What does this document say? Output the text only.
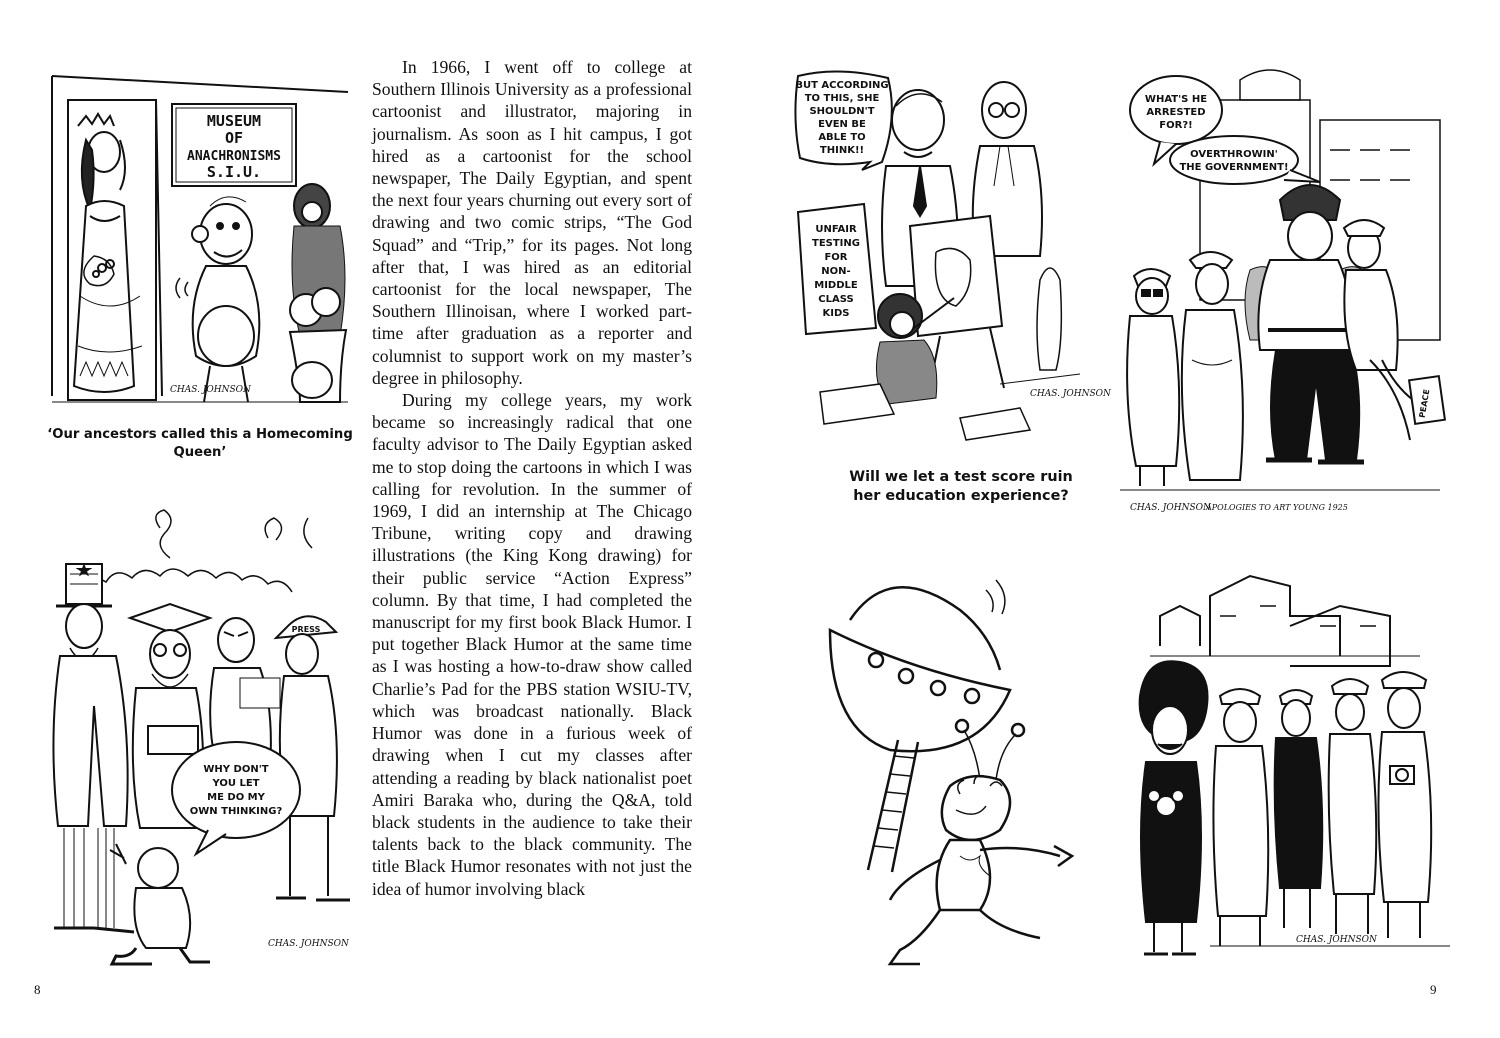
MUSEUM
OF
ANACHRONISMS
S.I.U.
CHAS. JOHNSON
‘Our ancestors called this a Homecoming Queen’
WHY DON'T
YOU LET
ME DO MY
OWN THINKING?
PRESS
CHAS. JOHNSON

In 1966, I went off to college at Southern Illinois University as a professional cartoonist and illustrator, majoring in journalism. As soon as I hit campus, I got hired as a cartoonist for the school newspaper, The Daily Egyptian, and spent the next four years churning out every sort of drawing and two comic strips, “The God Squad” and “Trip,” for its pages. Not long after that, I was hired as an editorial cartoonist for the local newspaper, The Southern Illinoisan, where I worked part-time after graduation as a reporter and columnist to support work on my master’s degree in philosophy.

During my college years, my work became so increasingly radical that one faculty advisor to The Daily Egyptian asked me to stop doing the cartoons in which I was calling for revolution. In the summer of 1969, I did an internship at The Chicago Tribune, writing copy and drawing illustrations (the King Kong drawing) for their public service “Action Express” column. By that time, I had completed the manuscript for my first book Black Humor. I put together Black Humor at the same time as I was hosting a how-to-draw show called Charlie’s Pad for the PBS station WSIU-TV, which was broadcast nationally. Black Humor was done in a furious week of drawing when I cut my classes after attending a reading by black nationalist poet Amiri Baraka who, during the Q&A, told black students in the audience to take their talents back to the black community. The title Black Humor resonates with not just the idea of humor involving black

8
BUT ACCORDING
TO THIS, SHE
SHOULDN'T
EVEN BE
ABLE TO
THINK!!
UNFAIR
TESTING
FOR
NON-
MIDDLE
CLASS
KIDS
CHAS. JOHNSON
Will we let a test score ruin
her education experience?
WHAT'S HE
ARRESTED
FOR?!
OVERTHROWIN'
THE GOVERNMENT!
PEACE
CHAS. JOHNSON
APOLOGIES TO ART YOUNG 1925
CHAS. JOHNSON
9
